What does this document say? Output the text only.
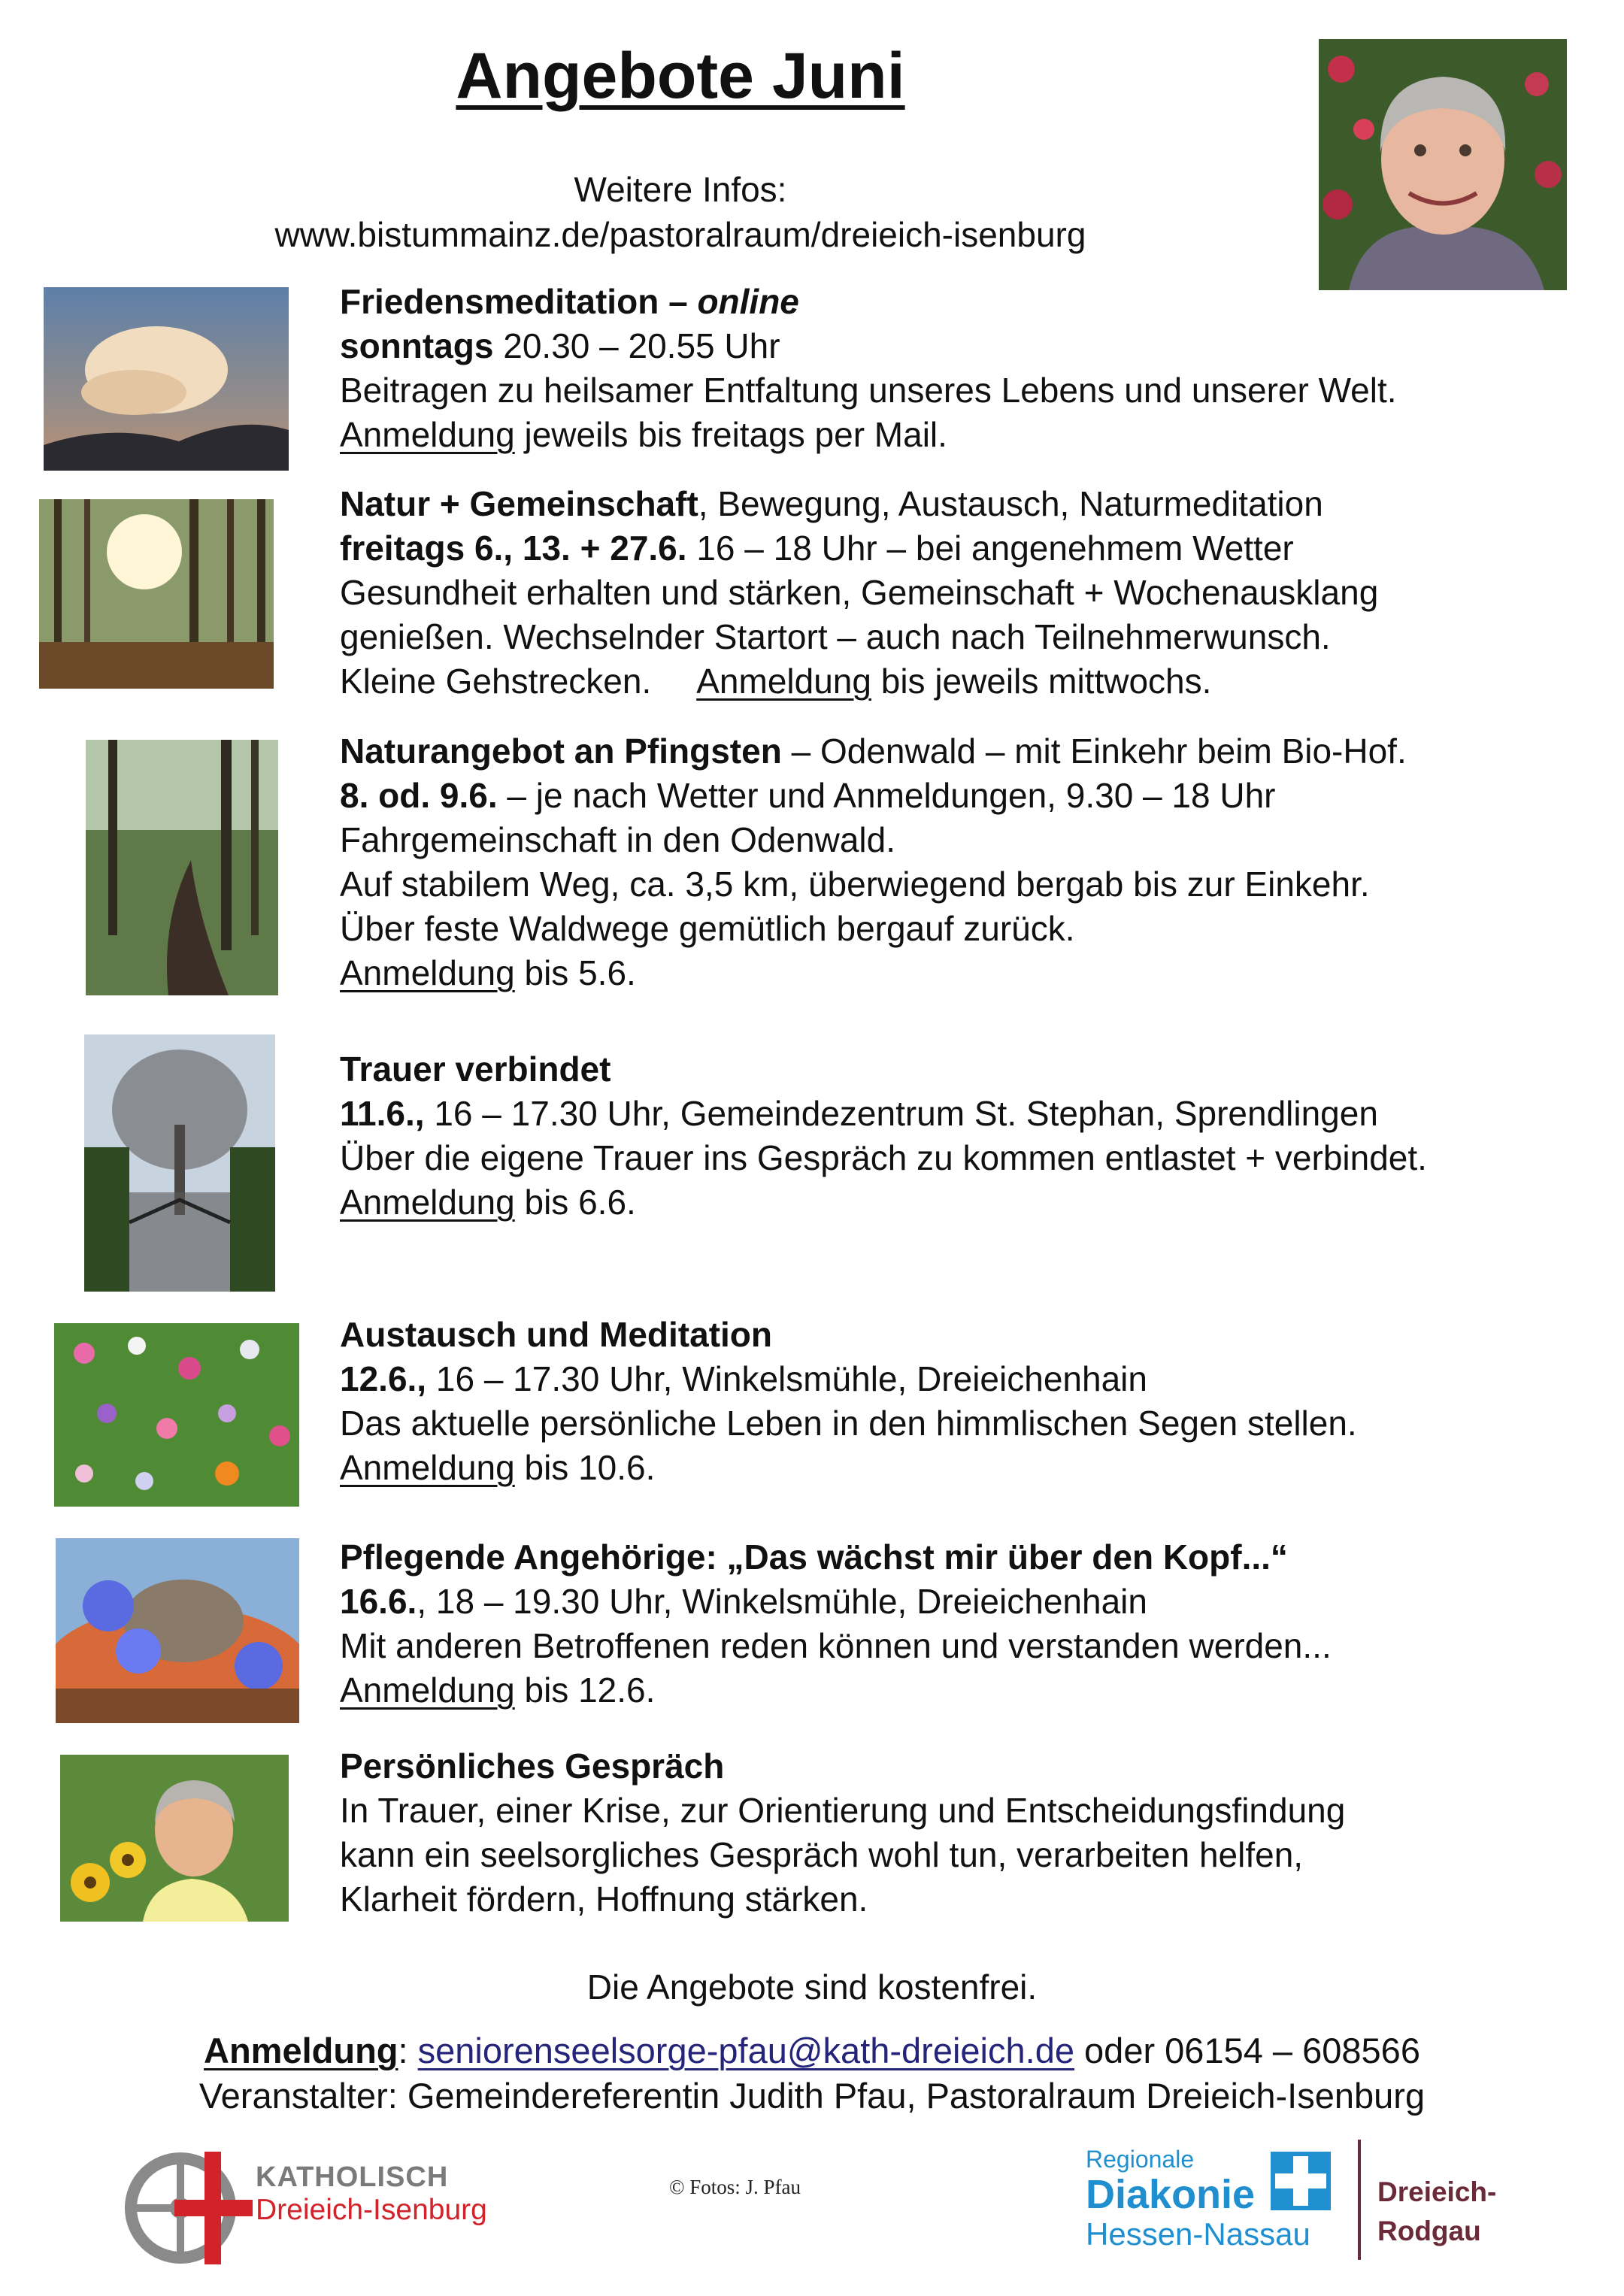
Angebote Juni
Weitere Infos:
www.bistummainz.de/pastoralraum/dreieich-isenburg

Friedensmeditation – online

sonntags 20.30 – 20.55 Uhr

Beitragen zu heilsamer Entfaltung unseres Lebens und unserer Welt.

Anmeldung jeweils bis freitags per Mail.

Natur + Gemeinschaft, Bewegung, Austausch, Naturmeditation

freitags 6., 13. + 27.6. 16 – 18 Uhr – bei angenehmem Wetter

Gesundheit erhalten und stärken, Gemeinschaft + Wochenausklang

genießen. Wechselnder Startort – auch nach Teilnehmerwunsch.

Kleine Gehstrecken. Anmeldung bis jeweils mittwochs.

Naturangebot an Pfingsten – Odenwald – mit Einkehr beim Bio-Hof.

8. od. 9.6. – je nach Wetter und Anmeldungen, 9.30 – 18 Uhr

Fahrgemeinschaft in den Odenwald.

Auf stabilem Weg, ca. 3,5 km, überwiegend bergab bis zur Einkehr.

Über feste Waldwege gemütlich bergauf zurück.

Anmeldung bis 5.6.

Trauer verbindet

11.6., 16 – 17.30 Uhr, Gemeindezentrum St. Stephan, Sprendlingen

Über die eigene Trauer ins Gespräch zu kommen entlastet + verbindet.

Anmeldung bis 6.6.

Austausch und Meditation

12.6., 16 – 17.30 Uhr, Winkelsmühle, Dreieichenhain

Das aktuelle persönliche Leben in den himmlischen Segen stellen.

Anmeldung bis 10.6.

Pflegende Angehörige: „Das wächst mir über den Kopf...“

16.6., 18 – 19.30 Uhr, Winkelsmühle, Dreieichenhain

Mit anderen Betroffenen reden können und verstanden werden...

Anmeldung bis 12.6.

Persönliches Gespräch

In Trauer, einer Krise, zur Orientierung und Entscheidungsfindung

kann ein seelsorgliches Gespräch wohl tun, verarbeiten helfen,

Klarheit fördern, Hoffnung stärken.

Die Angebote sind kostenfrei.
Anmeldung: seniorenseelsorge-pfau@kath-dreieich.de oder 06154 – 608566
Veranstalter: Gemeindereferentin Judith Pfau, Pastoralraum Dreieich-Isenburg
KATHOLISCH
Dreieich-Isenburg
© Fotos: J. Pfau
Regionale
Diakonie
Hessen-Nassau
Dreieich-
Rodgau
